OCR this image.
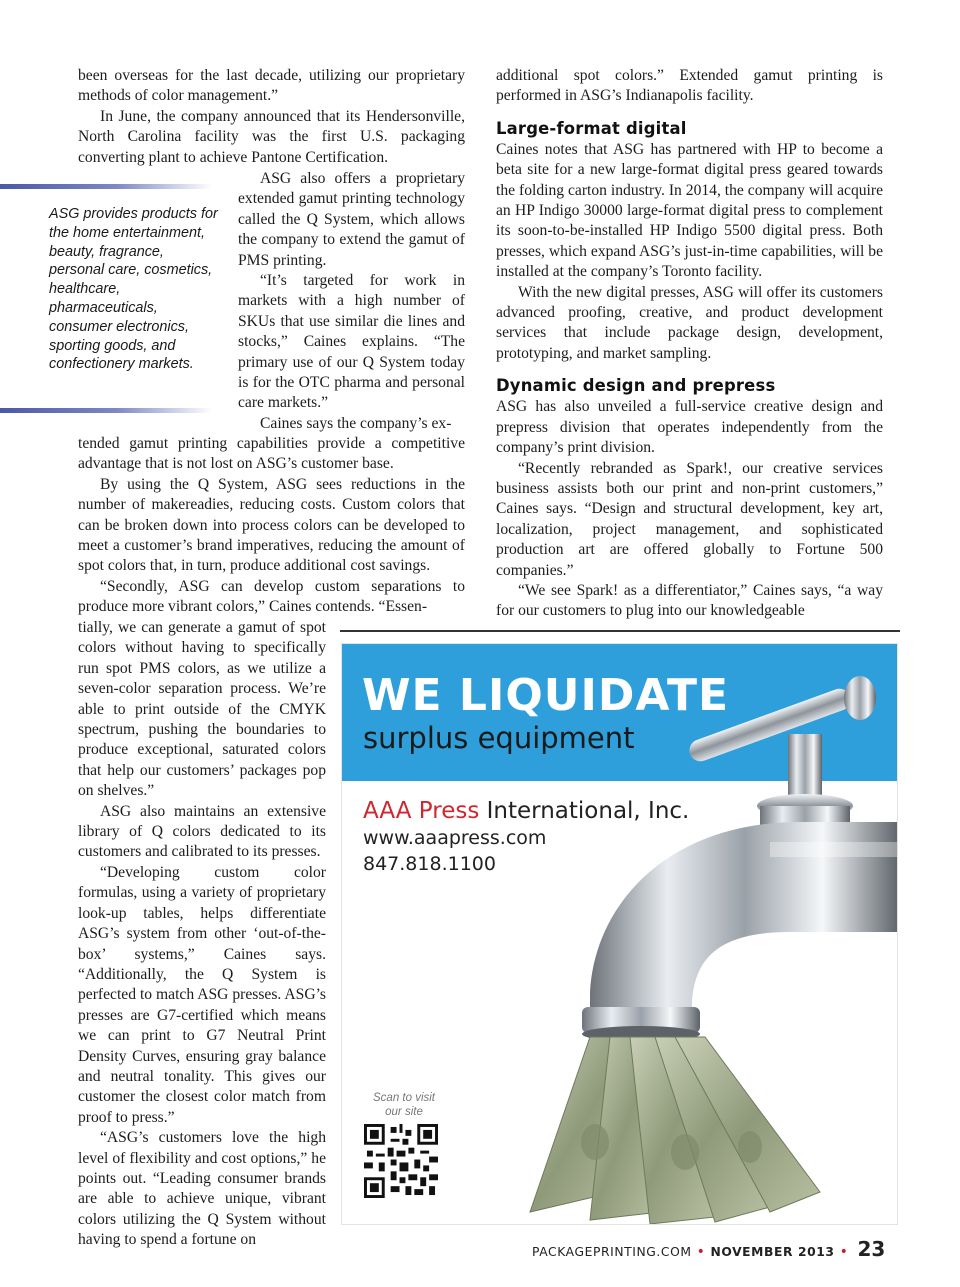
been overseas for the last decade, utilizing our proprietary methods of color management.”

In June, the company announced that its Hendersonville, North Carolina facility was the first U.S. packaging converting plant to achieve Pantone Certification.

ASG provides products for the home entertainment, beauty, fragrance, personal care, cosmetics, healthcare, pharmaceuticals, consumer electronics, sporting goods, and confectionery markets.

ASG also offers a proprietary extended gamut printing technology called the Q System, which allows the company to extend the gamut of PMS printing.

“It’s targeted for work in markets with a high number of SKUs that use similar die lines and stocks,” Caines explains. “The primary use of our Q System today is for the OTC pharma and personal care markets.”

Caines says the company’s ex-

tended gamut printing capabilities provide a competitive advantage that is not lost on ASG’s customer base.

By using the Q System, ASG sees reductions in the number of makereadies, reducing costs. Custom colors that can be broken down into process colors can be developed to meet a customer’s brand imperatives, reducing the amount of spot colors that, in turn, produce additional cost savings.

“Secondly, ASG can develop custom separations to produce more vibrant colors,” Caines contends. “Essen-

tially, we can generate a gamut of spot colors without having to specifically run spot PMS colors, as we utilize a seven-color separation process. We’re able to print outside of the CMYK spectrum, pushing the boundaries to produce exceptional, saturated colors that help our customers’ packages pop on shelves.”

ASG also maintains an extensive library of Q colors dedicated to its customers and calibrated to its presses.

“Developing custom color formulas, using a variety of proprietary look-up tables, helps differentiate ASG’s system from other ‘out-of-the-box’ systems,” Caines says. “Additionally, the Q System is perfected to match ASG presses. ASG’s presses are G7-certified which means we can print to G7 Neutral Print Density Curves, ensuring gray balance and neutral tonality. This gives our customer the closest color match from proof to press.”

“ASG’s customers love the high level of flexibility and cost options,” he points out. “Leading consumer brands are able to achieve unique, vibrant colors utilizing the Q System without having to spend a fortune on

additional spot colors.” Extended gamut printing is performed in ASG’s Indianapolis facility.

Large-format digital

Caines notes that ASG has partnered with HP to become a beta site for a new large-format digital press geared towards the folding carton industry. In 2014, the company will acquire an HP Indigo 30000 large-format digital press to complement its soon-to-be-installed HP Indigo 5500 digital press. Both presses, which expand ASG’s just-in-time capabilities, will be installed at the company’s Toronto facility.

With the new digital presses, ASG will offer its customers advanced proofing, creative, and product development services that include package design, development, prototyping, and market sampling.

Dynamic design and prepress

ASG has also unveiled a full-service creative design and prepress division that operates independently from the company’s print division.

“Recently rebranded as Spark!, our creative services business assists both our print and non-print customers,” Caines says. “Design and structural development, key art, localization, project management, and sophisticated production art are offered globally to Fortune 500 companies.”

“We see Spark! as a differentiator,” Caines says, “a way for our customers to plug into our knowledgeable

WE LIQUIDATE
surplus equipment
AAA Press International, Inc.
www.aaapress.com
847.818.1100
Scan to visit our site
PACKAGEPRINTING.COM • NOVEMBER 2013 • 23
